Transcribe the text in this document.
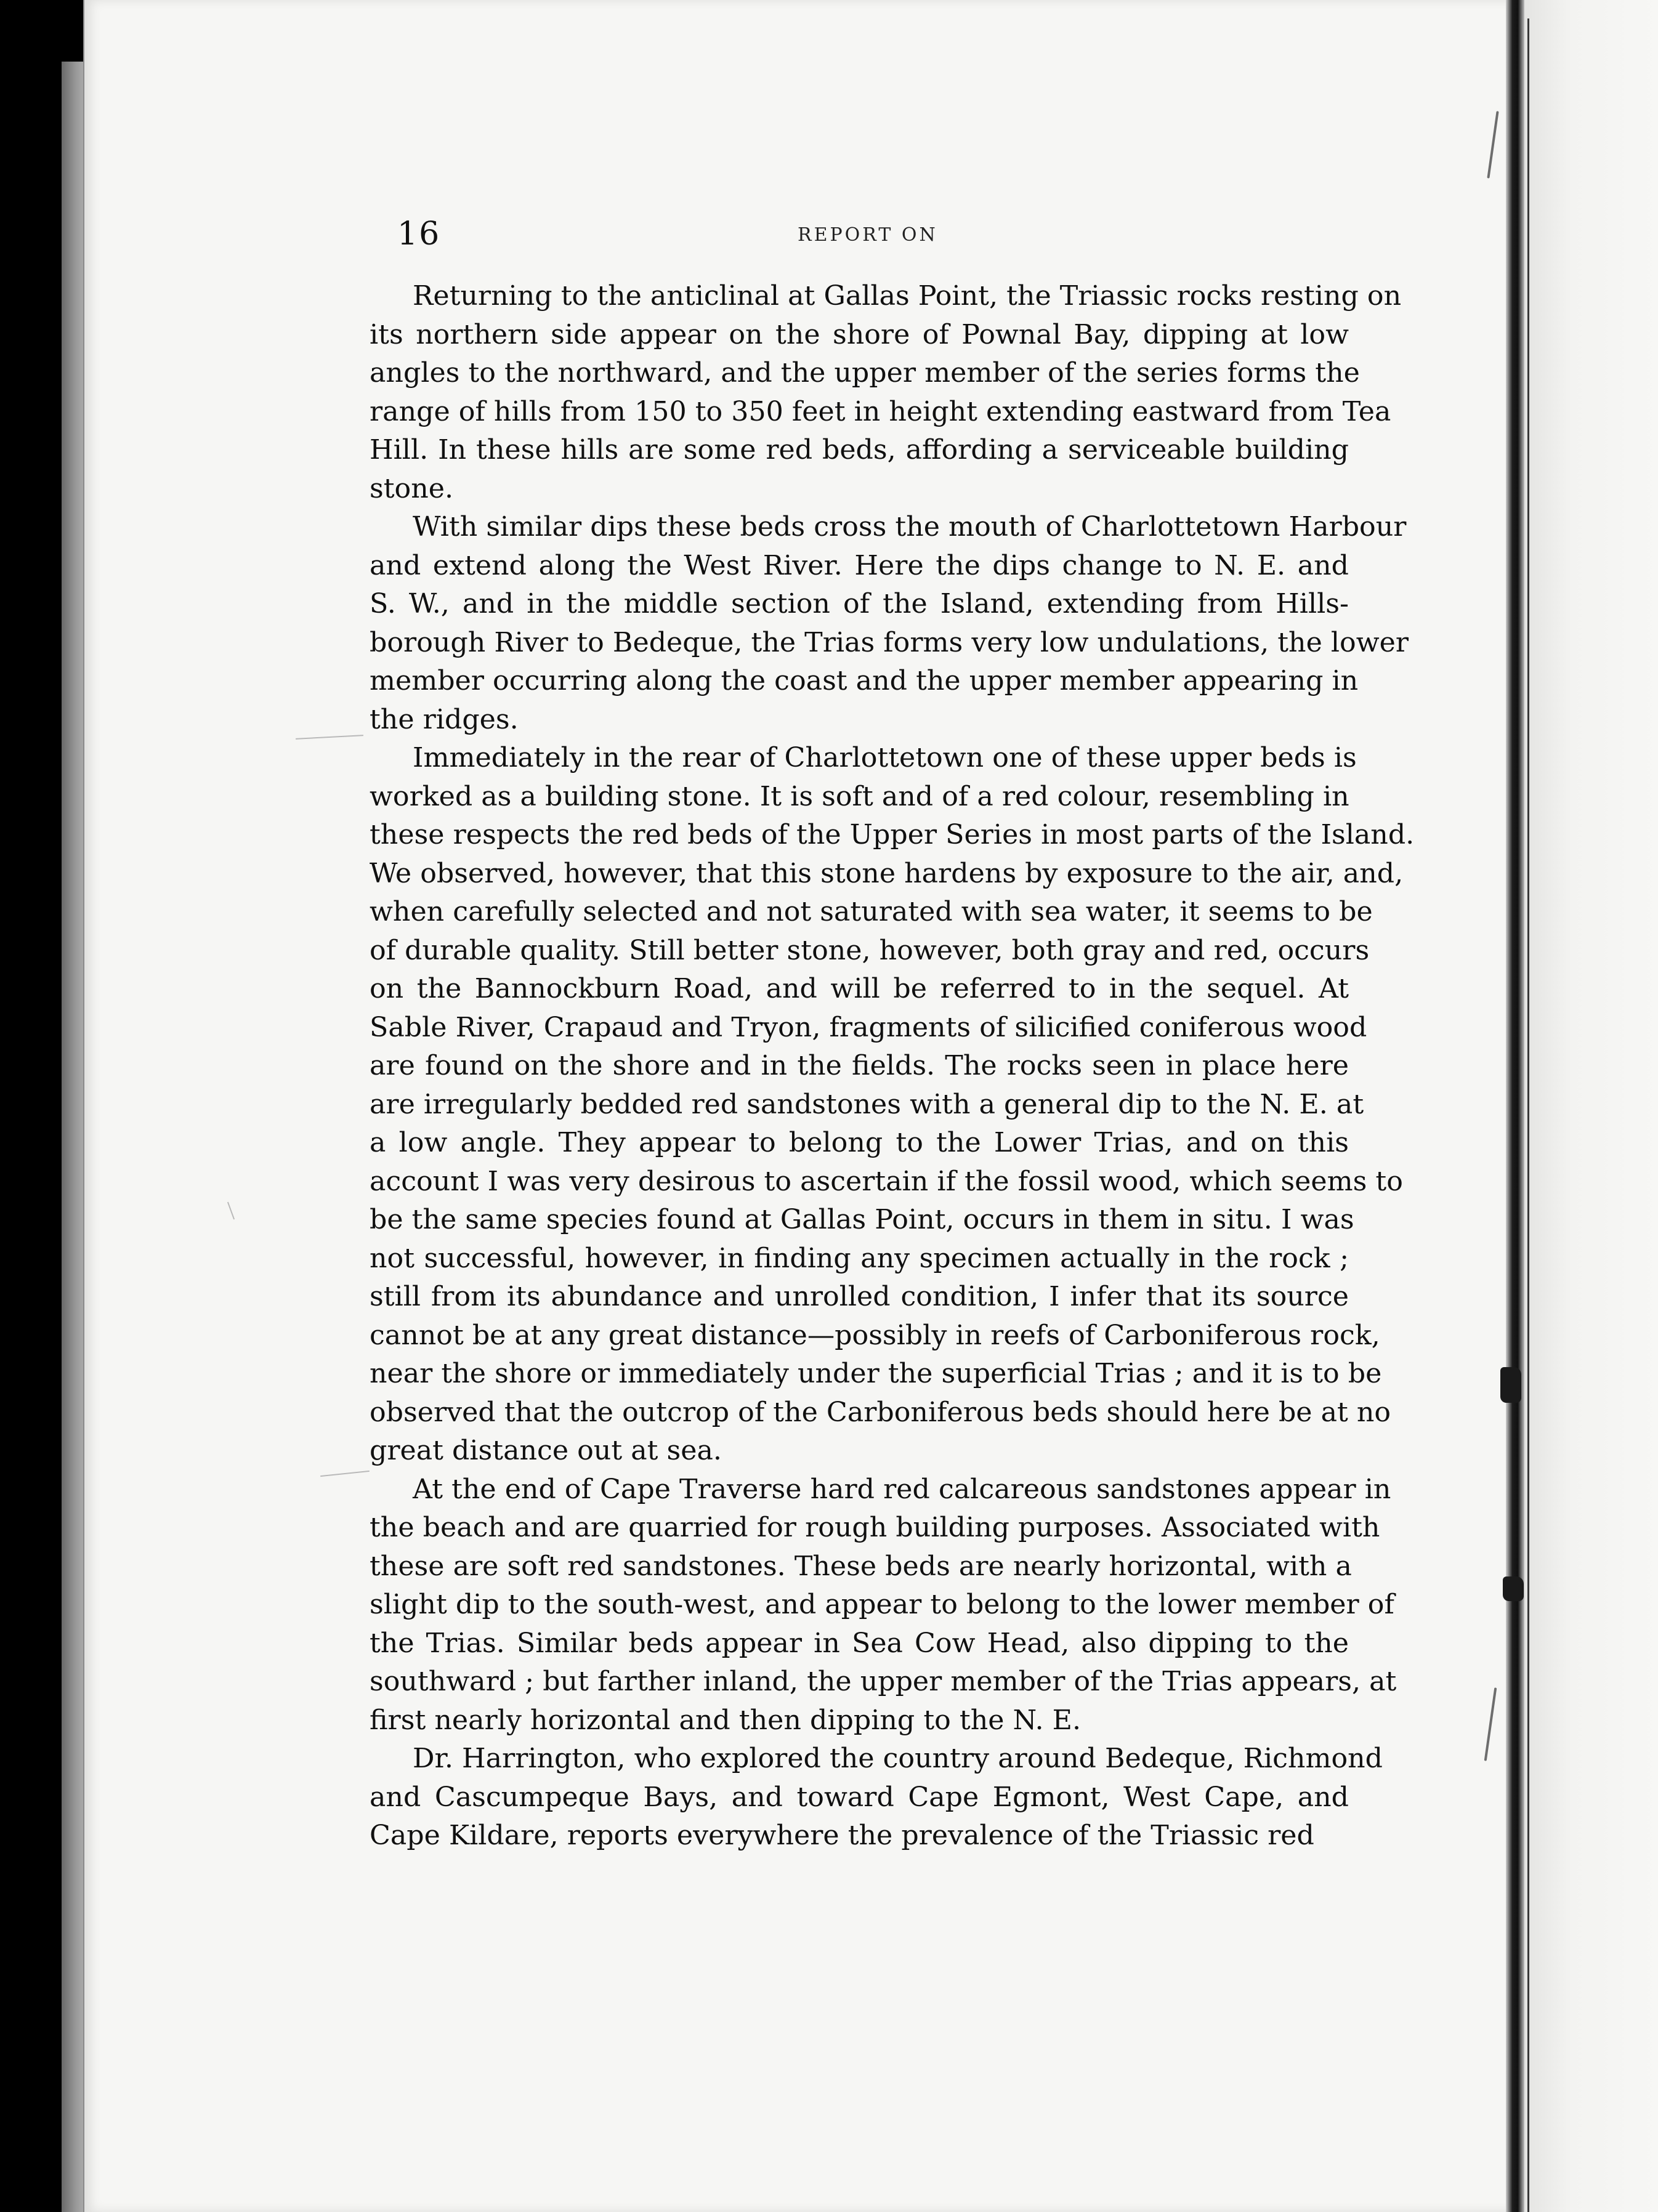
16	REPORT ON
Returning to the anticlinal at Gallas Point, the Triassic rocks resting on
its northern side appear on the shore of Pownal Bay, dipping at low
angles to the northward, and the upper member of the series forms the
range of hills from 150 to 350 feet in height extending eastward from Tea
Hill. In these hills are some red beds, affording a serviceable building
stone.
With similar dips these beds cross the mouth of Charlottetown Harbour
and extend along the West River. Here the dips change to N. E. and
S. W., and in the middle section of the Island, extending from Hills-
borough River to Bedeque, the Trias forms very low undulations, the lower
member occurring along the coast and the upper member appearing in
the ridges.
Immediately in the rear of Charlottetown one of these upper beds is
worked as a building stone. It is soft and of a red colour, resembling in
these respects the red beds of the Upper Series in most parts of the Island.
We observed, however, that this stone hardens by exposure to the air, and,
when carefully selected and not saturated with sea water, it seems to be
of durable quality. Still better stone, however, both gray and red, occurs
on the Bannockburn Road, and will be referred to in the sequel. At
Sable River, Crapaud and Tryon, fragments of silicified coniferous wood
are found on the shore and in the fields. The rocks seen in place here
are irregularly bedded red sandstones with a general dip to the N. E. at
a low angle. They appear to belong to the Lower Trias, and on this
account I was very desirous to ascertain if the fossil wood, which seems to
be the same species found at Gallas Point, occurs in them in situ. I was
not successful, however, in finding any specimen actually in the rock ;
still from its abundance and unrolled condition, I infer that its source
cannot be at any great distance—possibly in reefs of Carboniferous rock,
near the shore or immediately under the superficial Trias ; and it is to be
observed that the outcrop of the Carboniferous beds should here be at no
great distance out at sea.
At the end of Cape Traverse hard red calcareous sandstones appear in
the beach and are quarried for rough building purposes. Associated with
these are soft red sandstones. These beds are nearly horizontal, with a
slight dip to the south-west, and appear to belong to the lower member of
the Trias. Similar beds appear in Sea Cow Head, also dipping to the
southward ; but farther inland, the upper member of the Trias appears, at
first nearly horizontal and then dipping to the N. E.
Dr. Harrington, who explored the country around Bedeque, Richmond
and Cascumpeque Bays, and toward Cape Egmont, West Cape, and
Cape Kildare, reports everywhere the prevalence of the Triassic red
